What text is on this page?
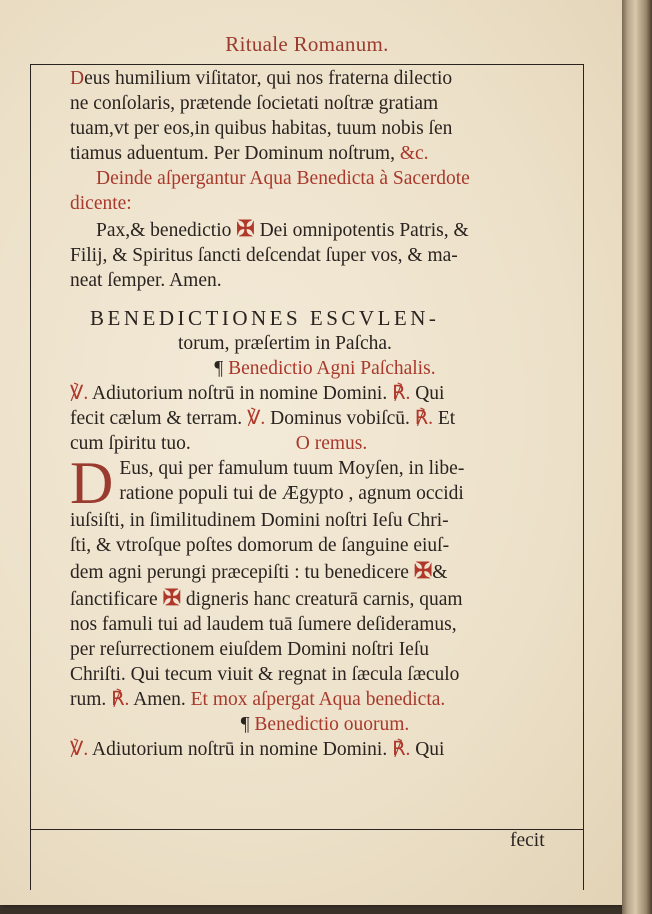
Rituale Romanum.
Deus humilium viſitator, qui nos fraterna dilectio
ne conſolaris, prætende ſocietati noſtræ gratiam
tuam,vt per eos,in quibus habitas, tuum nobis ſen
tiamus aduentum. Per Dominum noſtrum, &c.
Deinde aſpergantur Aqua Benedicta à Sacerdote
dicente:
Pax,& benedictio ✠ Dei omnipotentis Patris, &
Filij, & Spiritus ſancti deſcendat ſuper vos, & ma-
neat ſemper. Amen.
BENEDICTIONES ESCVLEN-
torum, præſertim in Paſcha.
¶ Benedictio Agni Paſchalis.
℣. Adiutorium noſtrū in nomine Domini. ℟. Qui
fecit cælum & terram. ℣. Dominus vobiſcū. ℟. Et
cum ſpiritu tuo.	O remus.
D Eus, qui per famulum tuum Moyſen, in libe-
ratione populi tui de Ægypto , agnum occidi
iuſsiſti, in ſimilitudinem Domini noſtri Ieſu Chri-
ſti, & vtroſque poſtes domorum de ſanguine eiuſ-
dem agni perungi præcepiſti : tu benedicere ✠&
ſanctificare ✠ digneris hanc creaturā carnis, quam
nos famuli tui ad laudem tuā ſumere deſideramus,
per reſurrectionem eiuſdem Domini noſtri Ieſu
Chriſti. Qui tecum viuit & regnat in ſæcula ſæculo
rum. ℟. Amen. Et mox aſpergat Aqua benedicta.
¶ Benedictio ouorum.
℣. Adiutorium noſtrū in nomine Domini. ℟. Qui
fecit
